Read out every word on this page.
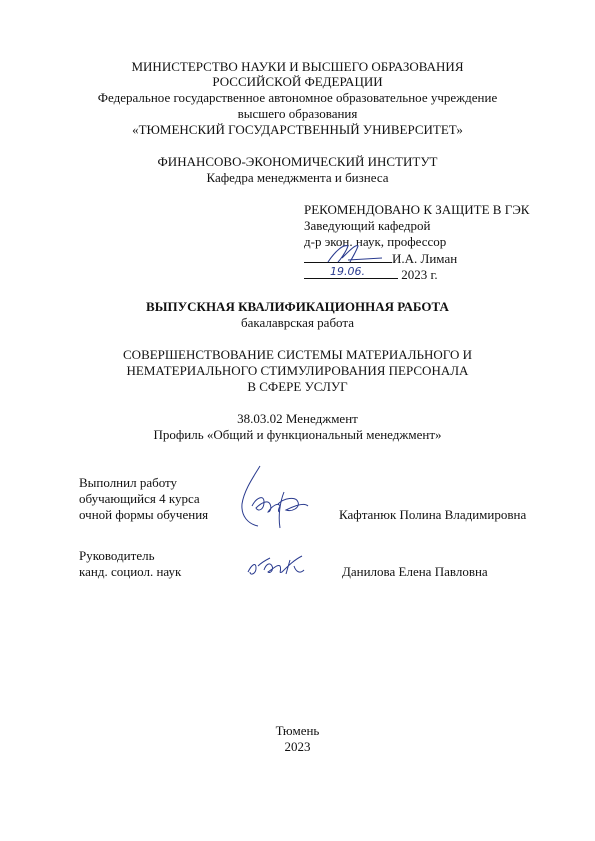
МИНИСТЕРСТВО НАУКИ И ВЫСШЕГО ОБРАЗОВАНИЯ
РОССИЙСКОЙ ФЕДЕРАЦИИ
Федеральное государственное автономное образовательное учреждение
высшего образования
«ТЮМЕНСКИЙ ГОСУДАРСТВЕННЫЙ УНИВЕРСИТЕТ»
ФИНАНСОВО-ЭКОНОМИЧЕСКИЙ ИНСТИТУТ
Кафедра менеджмента и бизнеса
РЕКОМЕНДОВАНО К ЗАЩИТЕ В ГЭК
Заведующий кафедрой
д-р экон. наук, профессор
И.А. Лиман
2023 г.
19.06.
ВЫПУСКНАЯ КВАЛИФИКАЦИОННАЯ РАБОТА
бакалаврская работа
СОВЕРШЕНСТВОВАНИЕ СИСТЕМЫ МАТЕРИАЛЬНОГО И
НЕМАТЕРИАЛЬНОГО СТИМУЛИРОВАНИЯ ПЕРСОНАЛА
В СФЕРЕ УСЛУГ
38.03.02 Менеджмент
Профиль «Общий и функциональный менеджмент»
Выполнил работу
обучающийся 4 курса
очной формы обучения	Кафтанюк Полина Владимировна
Руководитель
канд. социол. наук	Данилова Елена Павловна
Тюмень
2023
